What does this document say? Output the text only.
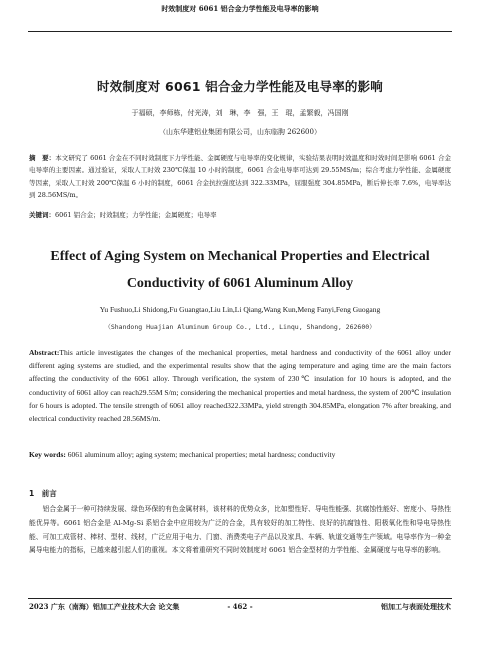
时效制度对 6061 铝合金力学性能及电导率的影响
时效制度对 6061 铝合金力学性能及电导率的影响
于福硕，李师栋，付光涛，刘　琳，李　强，王　琨，孟繁毅，冯国刚
（山东华建铝业集团有限公司，山东临朐 262600）
摘　要：本文研究了 6061 合金在不同时效制度下力学性能、金属硬度与电导率的变化规律，实验结果表明时效温度和时效时间是影响 6061 合金电导率的主要因素。通过验证，采取人工时效 230℃保温 10 小时的制度，6061 合金电导率可达到 29.55MS/m；综合考虑力学性能、金属硬度等因素，采取人工时效 200℃保温 6 小时的制度，6061 合金抗拉强度达到 322.33MPa，屈服强度 304.85MPa，断后伸长率 7.6%，电导率达到 28.56MS/m。
关键词：6061 铝合金；时效制度；力学性能；金属硬度；电导率
Effect of Aging System on Mechanical Properties and Electrical Conductivity of 6061 Aluminum Alloy
Yu Fushuo,Li Shidong,Fu Guangtao,Liu Lin,Li Qiang,Wang Kun,Meng Fanyi,Feng Guogang
（Shandong Huajian Aluminum Group Co., Ltd., Linqu, Shandong, 262600）
Abstract:This article investigates the changes of the mechanical properties, metal hardness and conductivity of the 6061 alloy under different aging systems are studied, and the experimental results show that the aging temperature and aging time are the main factors affecting the conductivity of the 6061 alloy. Through verification, the system of 230℃ insulation for 10 hours is adopted, and the conductivity of 6061 alloy can reach29.55M S/m; considering the mechanical properties and metal hardness, the system of 200℃ insulation for 6 hours is adopted. The tensile strength of 6061 alloy reached322.33MPa, yield strength 304.85MPa, elongation 7% after breaking, and electrical conductivity reached 28.56MS/m.
Key words: 6061 aluminum alloy; aging system; mechanical properties; metal hardness; conductivity
1　前言
铝合金属于一种可持续发展、绿色环保的有色金属材料，该材料的优势众多，比如塑性好、导电性能强、抗腐蚀性能好、密度小、导热性能优异等。6061 铝合金是 Al-Mg-Si 系铝合金中应用较为广泛的合金，具有较好的加工特性、良好的抗腐蚀性、阳极氧化性和导电导热性能、可加工成管材、棒材、型材、线材，广泛应用于电力、门窗、消费类电子产品以及家具、车辆、轨道交通等生产领域。电导率作为一种金属导电能力的指标，已越来越引起人们的重视。本文将着重研究不同时效制度对 6061 铝合金型材的力学性能、金属硬度与电导率的影响。
2023 广东（南海）铝加工产业技术大会 论文集	- 462 -	铝加工与表面处理技术
